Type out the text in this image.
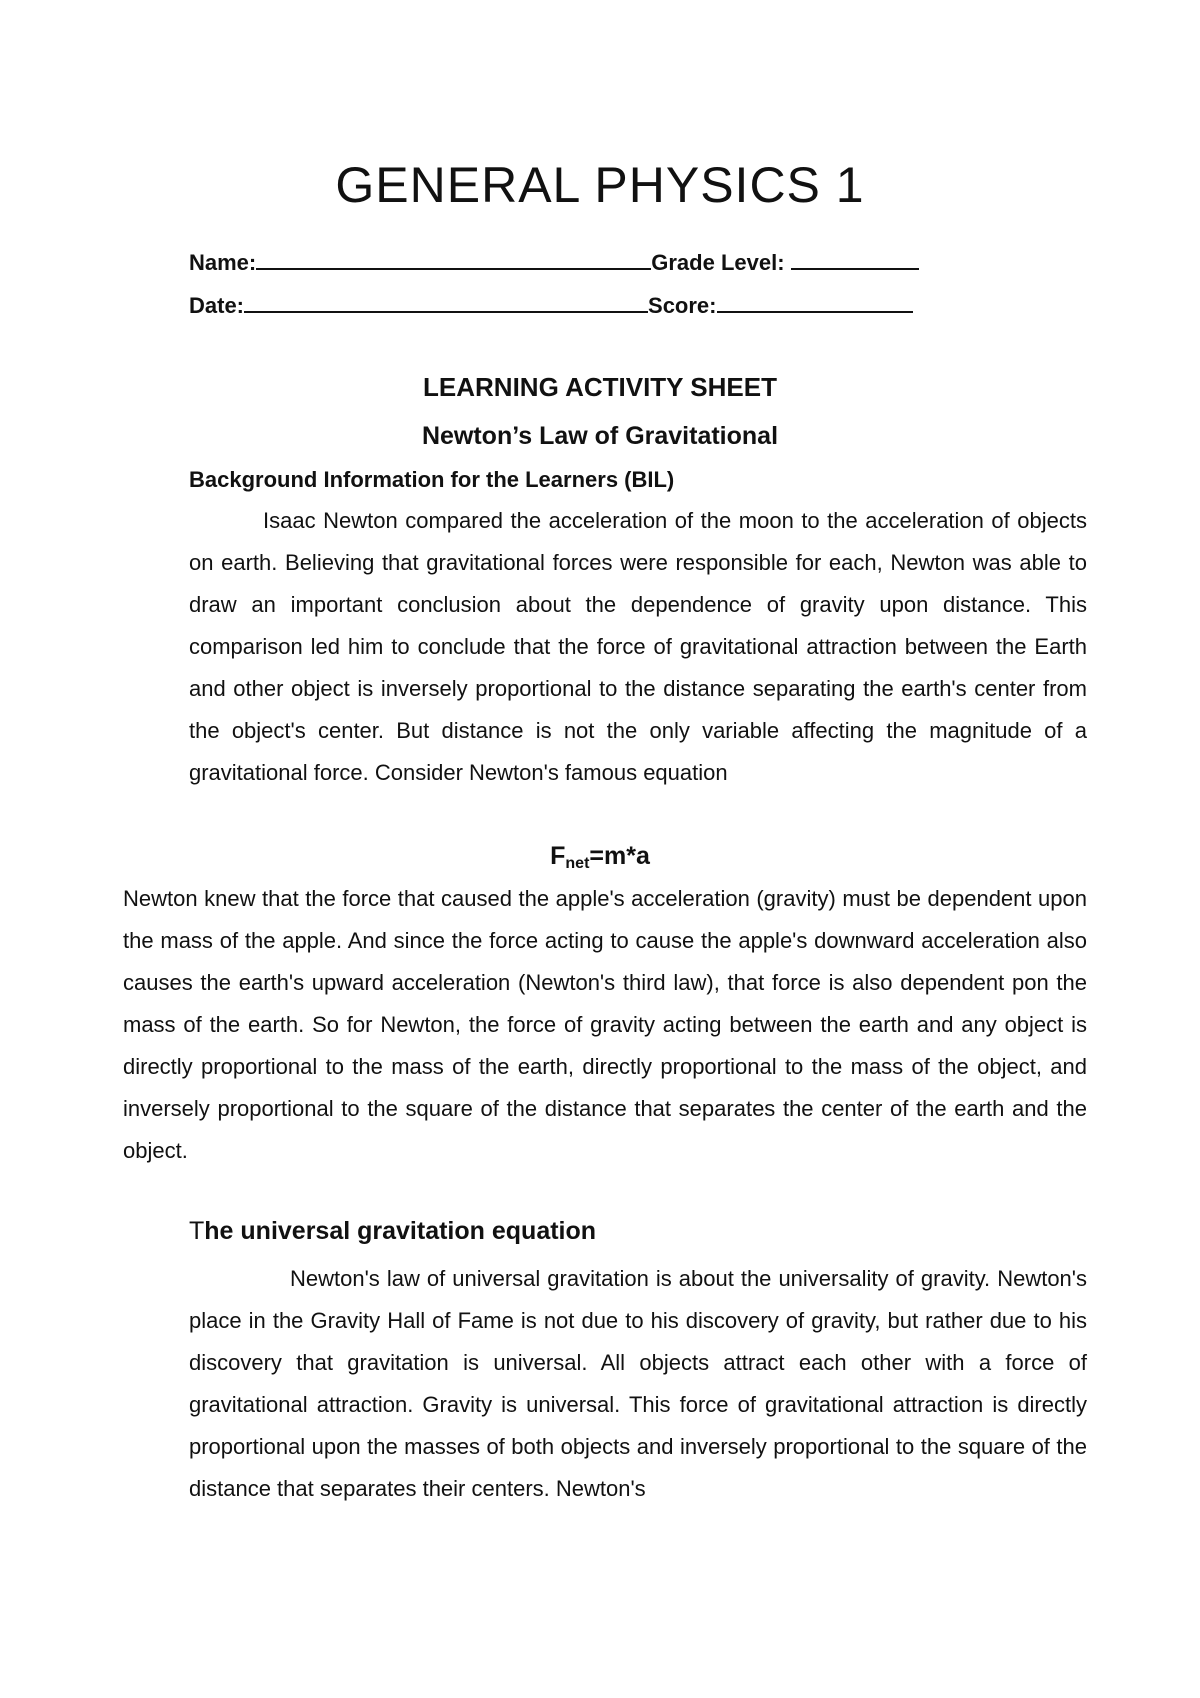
GENERAL PHYSICS 1
Name:	Grade Level:
Date:	Score:
LEARNING ACTIVITY SHEET
Newton’s Law of Gravitational
Background Information for the Learners (BIL)

Isaac Newton compared the acceleration of the moon to the acceleration of objects on earth. Believing that gravitational forces were responsible for each, Newton was able to draw an important conclusion about the dependence of gravity upon distance. This comparison led him to conclude that the force of gravitational attraction between the Earth and other object is inversely proportional to the distance separating the earth's center from the object's center. But distance is not the only variable affecting the magnitude of a gravitational force. Consider Newton's famous equation

$F_{net}=m*a$

Newton knew that the force that caused the apple's acceleration (gravity) must be dependent upon the mass of the apple. And since the force acting to cause the apple's downward acceleration also causes the earth's upward acceleration (Newton's third law), that force is also dependent pon the mass of the earth. So for Newton, the force of gravity acting between the earth and any object is directly proportional to the mass of the earth, directly proportional to the mass of the object, and inversely proportional to the square of the distance that separates the center of the earth and the object.

The universal gravitation equation

Newton's law of universal gravitation is about the universality of gravity. Newton's place in the Gravity Hall of Fame is not due to his discovery of gravity, but rather due to his discovery that gravitation is universal. All objects attract each other with a force of gravitational attraction. Gravity is universal. This force of gravitational attraction is directly proportional upon the masses of both objects and inversely proportional to the square of the distance that separates their centers. Newton's
